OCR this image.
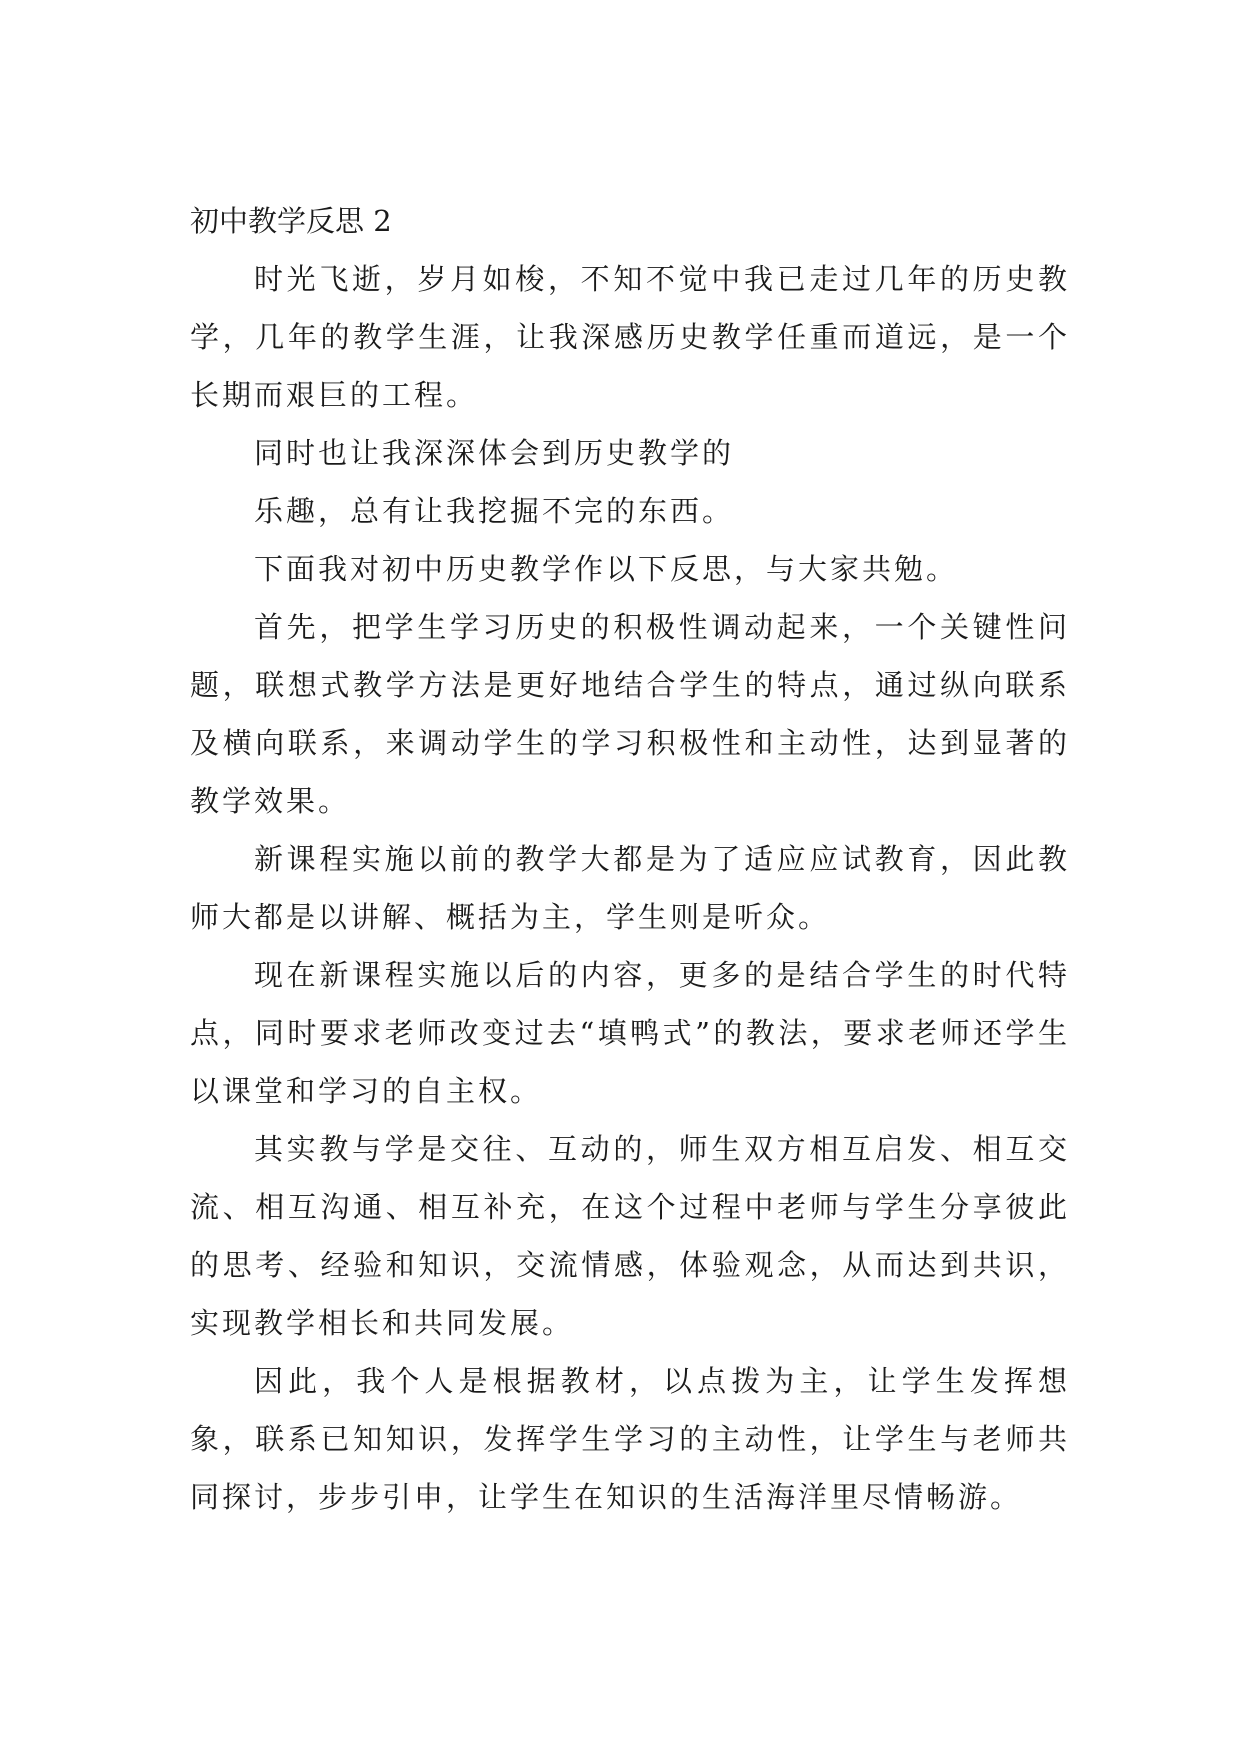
初中教学反思 2

时光飞逝，岁月如梭，不知不觉中我已走过几年的历史教学，几年的教学生涯，让我深感历史教学任重而道远，是一个长期而艰巨的工程。

同时也让我深深体会到历史教学的

乐趣，总有让我挖掘不完的东西。

下面我对初中历史教学作以下反思，与大家共勉。

首先，把学生学习历史的积极性调动起来，一个关键性问题，联想式教学方法是更好地结合学生的特点，通过纵向联系及横向联系，来调动学生的学习积极性和主动性，达到显著的教学效果。

新课程实施以前的教学大都是为了适应应试教育，因此教师大都是以讲解、概括为主，学生则是听众。

现在新课程实施以后的内容，更多的是结合学生的时代特点，同时要求老师改变过去“填鸭式”的教法，要求老师还学生以课堂和学习的自主权。

其实教与学是交往、互动的，师生双方相互启发、相互交流、相互沟通、相互补充，在这个过程中老师与学生分享彼此的思考、经验和知识，交流情感，体验观念，从而达到共识，实现教学相长和共同发展。

因此，我个人是根据教材，以点拨为主，让学生发挥想象，联系已知知识，发挥学生学习的主动性，让学生与老师共同探讨，步步引申，让学生在知识的生活海洋里尽情畅游。
